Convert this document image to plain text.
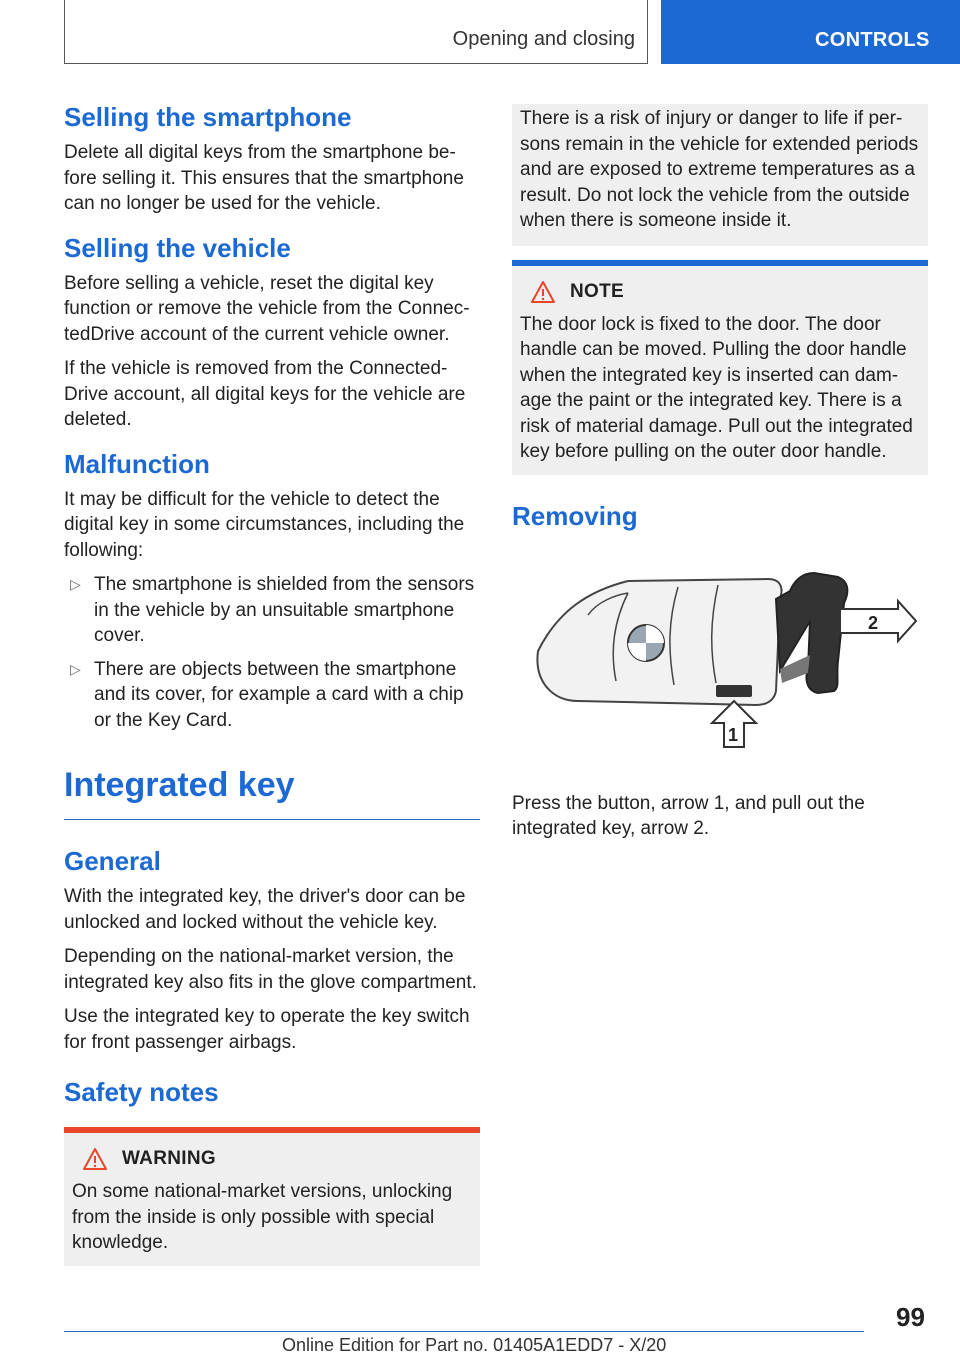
Opening and closing	CONTROLS
Selling the smartphone

Delete all digital keys from the smartphone before selling it. This ensures that the smartphone can no longer be used for the vehicle.

Selling the vehicle

Before selling a vehicle, reset the digital key function or remove the vehicle from the ConnectedDrive account of the current vehicle owner.

If the vehicle is removed from the ConnectedDrive account, all digital keys for the vehicle are deleted.

Malfunction

It may be difficult for the vehicle to detect the digital key in some circumstances, including the following:

▷ The smartphone is shielded from the sensors in the vehicle by an unsuitable smartphone cover.
▷ There are objects between the smartphone and its cover, for example a card with a chip or the Key Card.
Integrated key
General

With the integrated key, the driver's door can be unlocked and locked without the vehicle key.

Depending on the national-market version, the integrated key also fits in the glove compartment.

Use the integrated key to operate the key switch for front passenger airbags.

Safety notes
WARNING

On some national-market versions, unlocking from the inside is only possible with special knowledge.

There is a risk of injury or danger to life if persons remain in the vehicle for extended periods and are exposed to extreme temperatures as a result. Do not lock the vehicle from the outside when there is someone inside it.

NOTE

The door lock is fixed to the door. The door handle can be moved. Pulling the door handle when the integrated key is inserted can damage the paint or the integrated key. There is a risk of material damage. Pull out the integrated key before pulling on the outer door handle.

Removing
2
1

Press the button, arrow 1, and pull out the integrated key, arrow 2.

99
Online Edition for Part no. 01405A1EDD7 - X/20
